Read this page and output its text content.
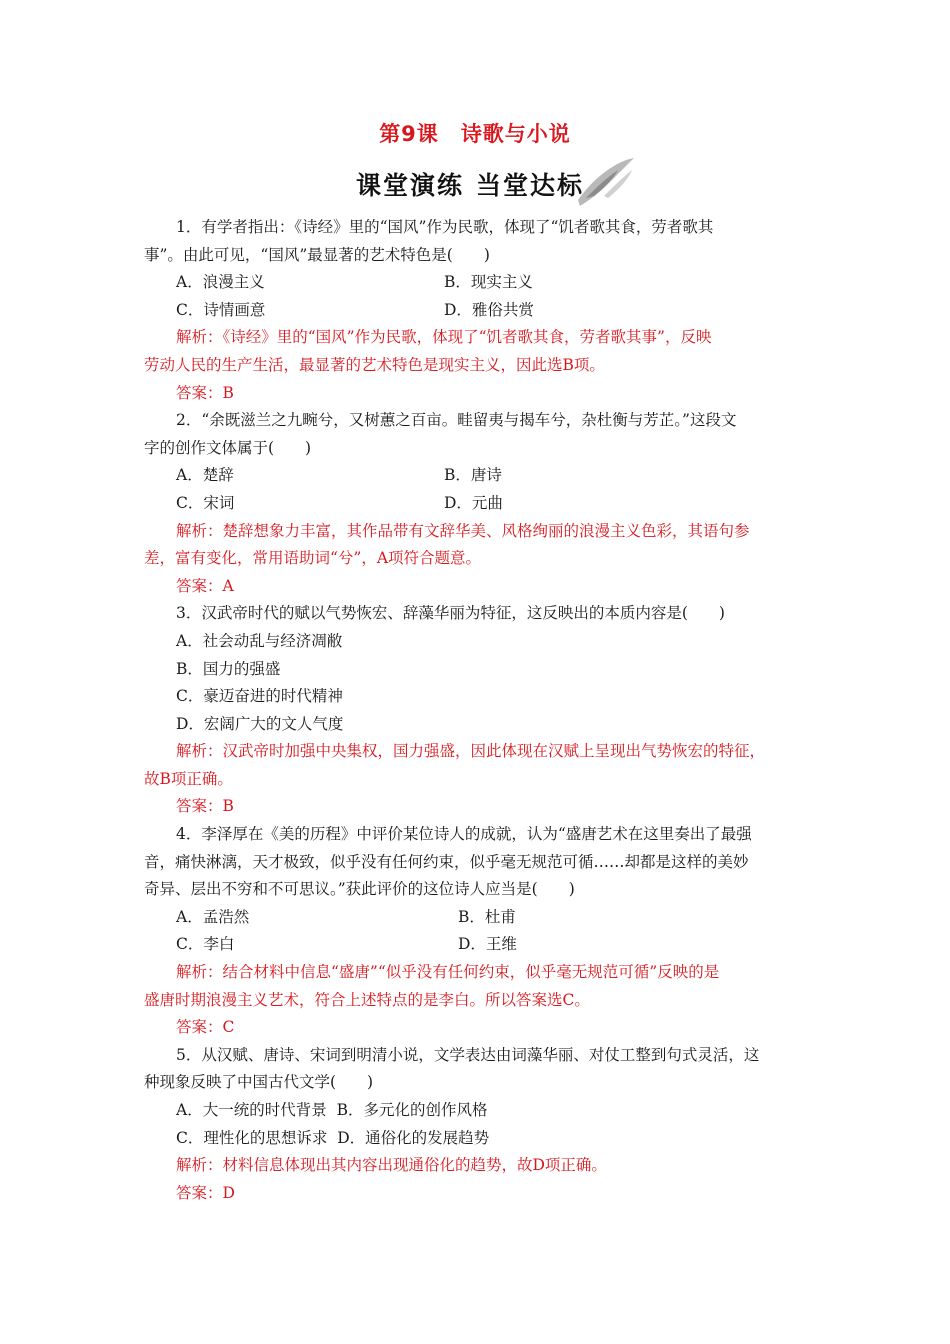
第9课 诗歌与小说
课堂演练 当堂达标
1．有学者指出：《诗经》里的“国风”作为民歌，体现了“饥者歌其食，劳者歌其
事”。由此可见，“国风”最显著的艺术特色是(　　)
A．浪漫主义	B．现实主义
C．诗情画意	D．雅俗共赏
解析：《诗经》里的“国风”作为民歌，体现了“饥者歌其食，劳者歌其事”，反映
劳动人民的生产生活，最显著的艺术特色是现实主义，因此选B项。
答案：B
2．“余既滋兰之九畹兮，又树蕙之百亩。畦留夷与揭车兮，杂杜衡与芳芷。”这段文
字的创作文体属于(　　)
A．楚辞	B．唐诗
C．宋词	D．元曲
解析：楚辞想象力丰富，其作品带有文辞华美、风格绚丽的浪漫主义色彩，其语句参
差，富有变化，常用语助词“兮”，A项符合题意。
答案：A
3．汉武帝时代的赋以气势恢宏、辞藻华丽为特征，这反映出的本质内容是(　　)
A．社会动乱与经济凋敝
B．国力的强盛
C．豪迈奋进的时代精神
D．宏阔广大的文人气度
解析：汉武帝时加强中央集权，国力强盛，因此体现在汉赋上呈现出气势恢宏的特征，
故B项正确。
答案：B
4．李泽厚在《美的历程》中评价某位诗人的成就，认为“盛唐艺术在这里奏出了最强
音，痛快淋漓，天才极致，似乎没有任何约束，似乎毫无规范可循……却都是这样的美妙
奇异、层出不穷和不可思议。”获此评价的这位诗人应当是(　　)
A．孟浩然	B．杜甫
C．李白	D．王维
解析：结合材料中信息“盛唐”“似乎没有任何约束，似乎毫无规范可循”反映的是
盛唐时期浪漫主义艺术，符合上述特点的是李白。所以答案选C。
答案：C
5．从汉赋、唐诗、宋词到明清小说，文学表达由词藻华丽、对仗工整到句式灵活，这
种现象反映了中国古代文学(　　)
A．大一统的时代背景 B．多元化的创作风格
C．理性化的思想诉求 D．通俗化的发展趋势
解析：材料信息体现出其内容出现通俗化的趋势，故D项正确。
答案：D
